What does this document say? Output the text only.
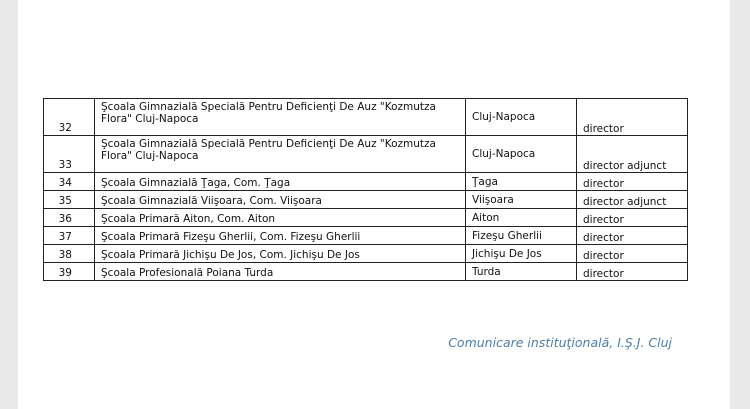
32	Şcoala Gimnazială Specială Pentru Deficienţi De Auz "Kozmutza Flora" Cluj-Napoca	Cluj-Napoca	director

33	Şcoala Gimnazială Specială Pentru Deficienţi De Auz "Kozmutza Flora" Cluj-Napoca	Cluj-Napoca	director adjunct

34	Şcoala Gimnazială Ţaga, Com. Ţaga	Ţaga	director

35	Şcoala Gimnazială Viişoara, Com. Viişoara	Viişoara	director adjunct

36	Şcoala Primară Aiton, Com. Aiton	Aiton	director

37	Şcoala Primară Fizeşu Gherlii, Com. Fizeşu Gherlii	Fizeşu Gherlii	director

38	Şcoala Primară Jichişu De Jos, Com. Jichişu De Jos	Jichişu De Jos	director

39	Şcoala Profesională Poiana Turda	Turda	director
Comunicare instituţională, I.Ş.J. Cluj
